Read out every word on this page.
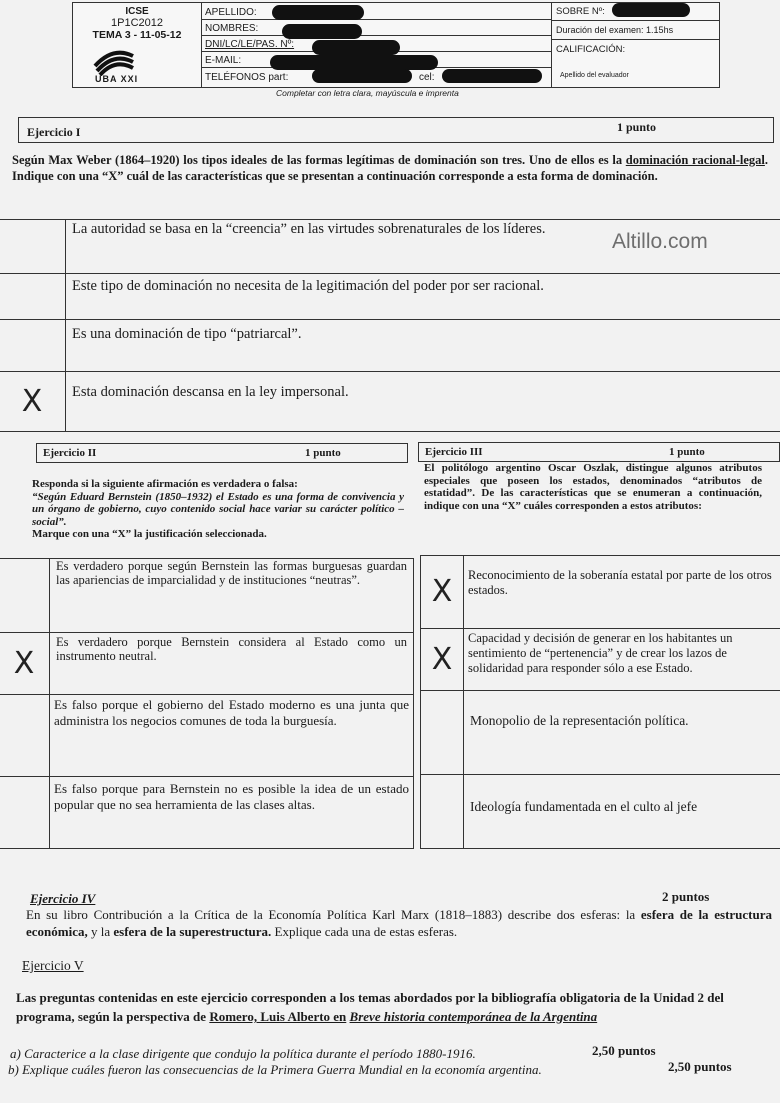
ICSE
1P1C2012
TEMA 3 - 11-05-12
UBA XXI
APELLIDO:
NOMBRES:
DNI/LC/LE/PAS. Nº:
E-MAIL:
TELÉFONOS part:	cel:
SOBRE Nº:
Duración del examen: 1.15hs
CALIFICACIÓN:
Apellido del evaluador
Completar con letra clara, mayúscula e imprenta
Ejercicio I	1 punto
Según Max Weber (1864–1920) los tipos ideales de las formas legítimas de dominación son tres. Uno de ellos es la dominación racional-legal. Indique con una “X” cuál de las características que se presentan a continuación corresponde a esta forma de dominación.
	La autoridad se basa en la “creencia” en las virtudes sobrenaturales de los líderes.
	Este tipo de dominación no necesita de la legitimación del poder por ser racional.
	Es una dominación de tipo “patriarcal”.
X	Esta dominación descansa en la ley impersonal.
Altillo.com
Ejercicio II	1 punto
Responda si la siguiente afirmación es verdadera o falsa:
“Según Eduard Bernstein (1850–1932) el Estado es una forma de convivencia y un órgano de gobierno, cuyo contenido social hace variar su carácter político – social”.
Marque con una “X” la justificación seleccionada.
	Es verdadero porque según Bernstein las formas burguesas guardan las apariencias de imparcialidad y de instituciones “neutras”.
X	Es verdadero porque Bernstein considera al Estado como un instrumento neutral.
	Es falso porque el gobierno del Estado moderno es una junta que administra los negocios comunes de toda la burguesía.
	Es falso porque para Bernstein no es posible la idea de un estado popular que no sea herramienta de las clases altas.
Ejercicio III	1 punto
El politólogo argentino Oscar Oszlak, distingue algunos atributos especiales que poseen los estados, denominados “atributos de estatidad”. De las características que se enumeran a continuación, indique con una “X” cuáles corresponden a estos atributos:
X	Reconocimiento de la soberanía estatal por parte de los otros estados.
X	Capacidad y decisión de generar en los habitantes un sentimiento de “pertenencia” y de crear los lazos de solidaridad para responder sólo a ese Estado.
	Monopolio de la representación política.
	Ideología fundamentada en el culto al jefe
Ejercicio IV	2 puntos
En su libro Contribución a la Crítica de la Economía Política Karl Marx (1818–1883) describe dos esferas: la esfera de la estructura económica, y la esfera de la superestructura. Explique cada una de estas esferas.
Ejercicio V
Las preguntas contenidas en este ejercicio corresponden a los temas abordados por la bibliografía obligatoria de la Unidad 2 del programa, según la perspectiva de Romero, Luis Alberto en Breve historia contemporánea de la Argentina
a) Caracterice a la clase dirigente que condujo la política durante el período 1880-1916.	2,50 puntos
b) Explique cuáles fueron las consecuencias de la Primera Guerra Mundial en la economía argentina.	2,50 puntos
